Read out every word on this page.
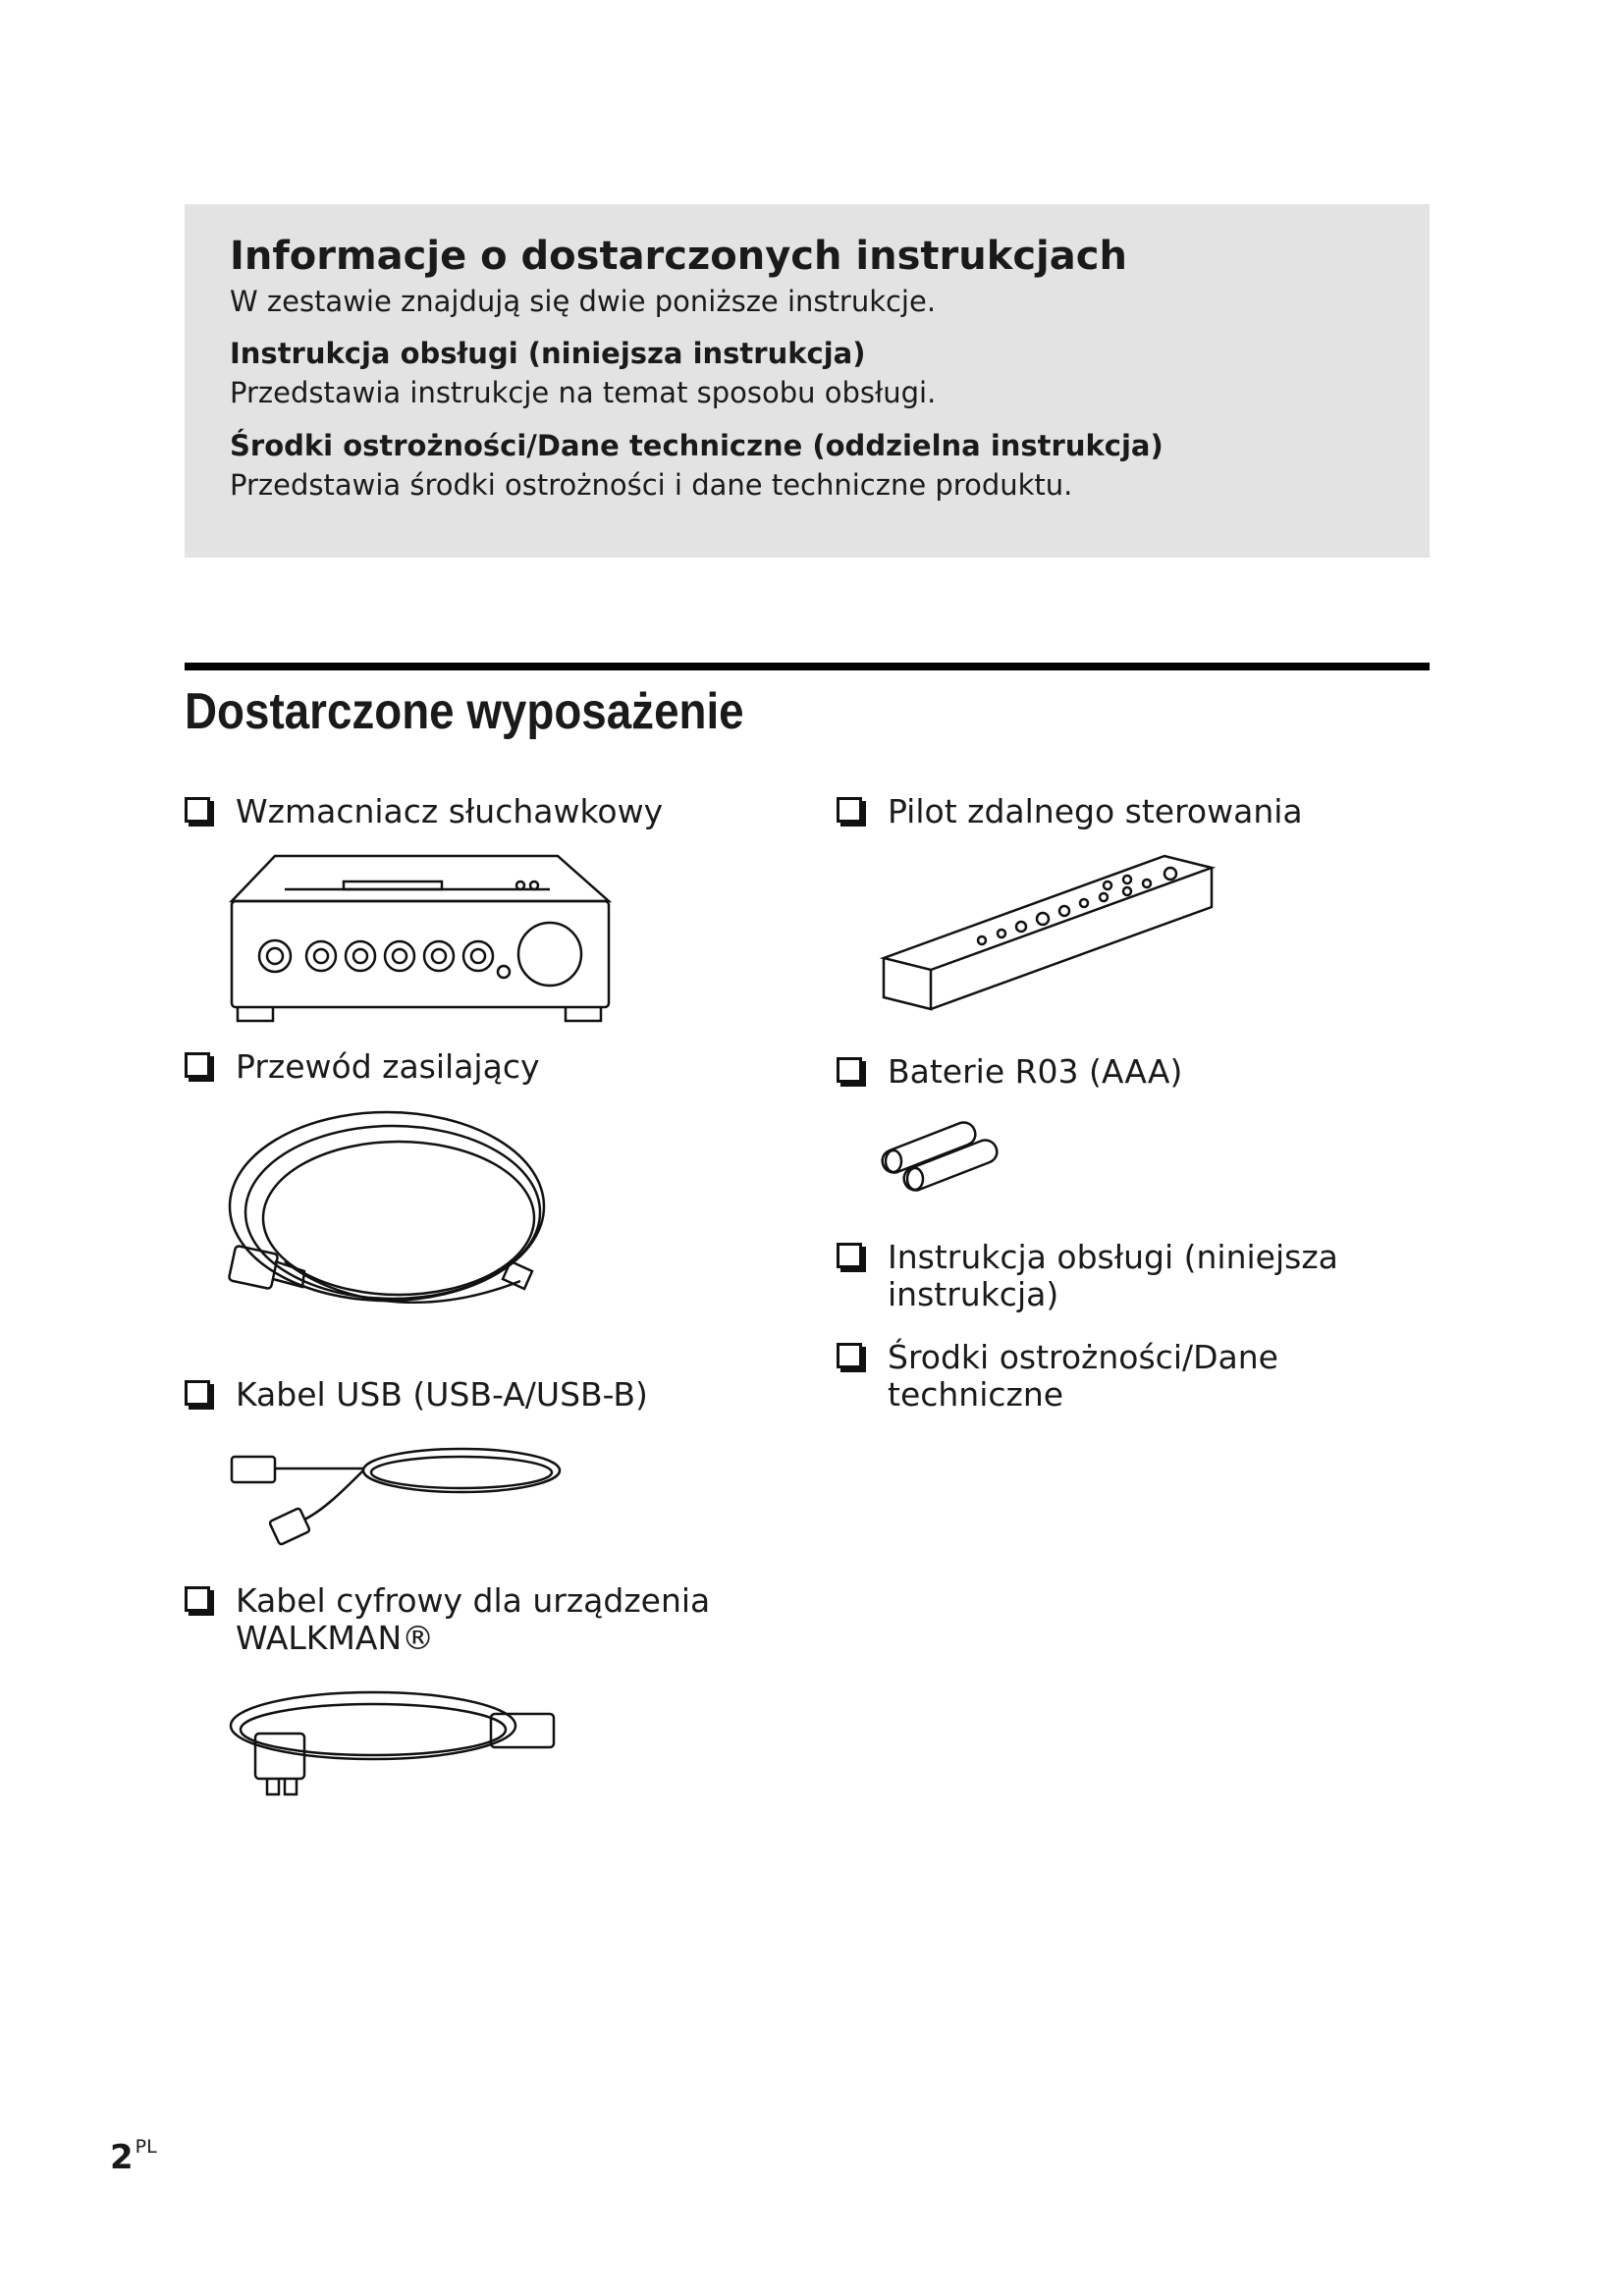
Informacje o dostarczonych instrukcjach

W zestawie znajdują się dwie poniższe instrukcje.

Instrukcja obsługi (niniejsza instrukcja)

Przedstawia instrukcje na temat sposobu obsługi.

Środki ostrożności/Dane techniczne (oddzielna instrukcja)

Przedstawia środki ostrożności i dane techniczne produktu.

Dostarczone wyposażenie
Wzmacniacz słuchawkowy
Przewód zasilający
Kabel USB (USB-A/USB-B)
Kabel cyfrowy dla urządzenia WALKMAN®
Pilot zdalnego sterowania
Baterie R03 (AAA)
Instrukcja obsługi (niniejsza instrukcja)
Środki ostrożności/Dane techniczne
2 $^{PL}$
